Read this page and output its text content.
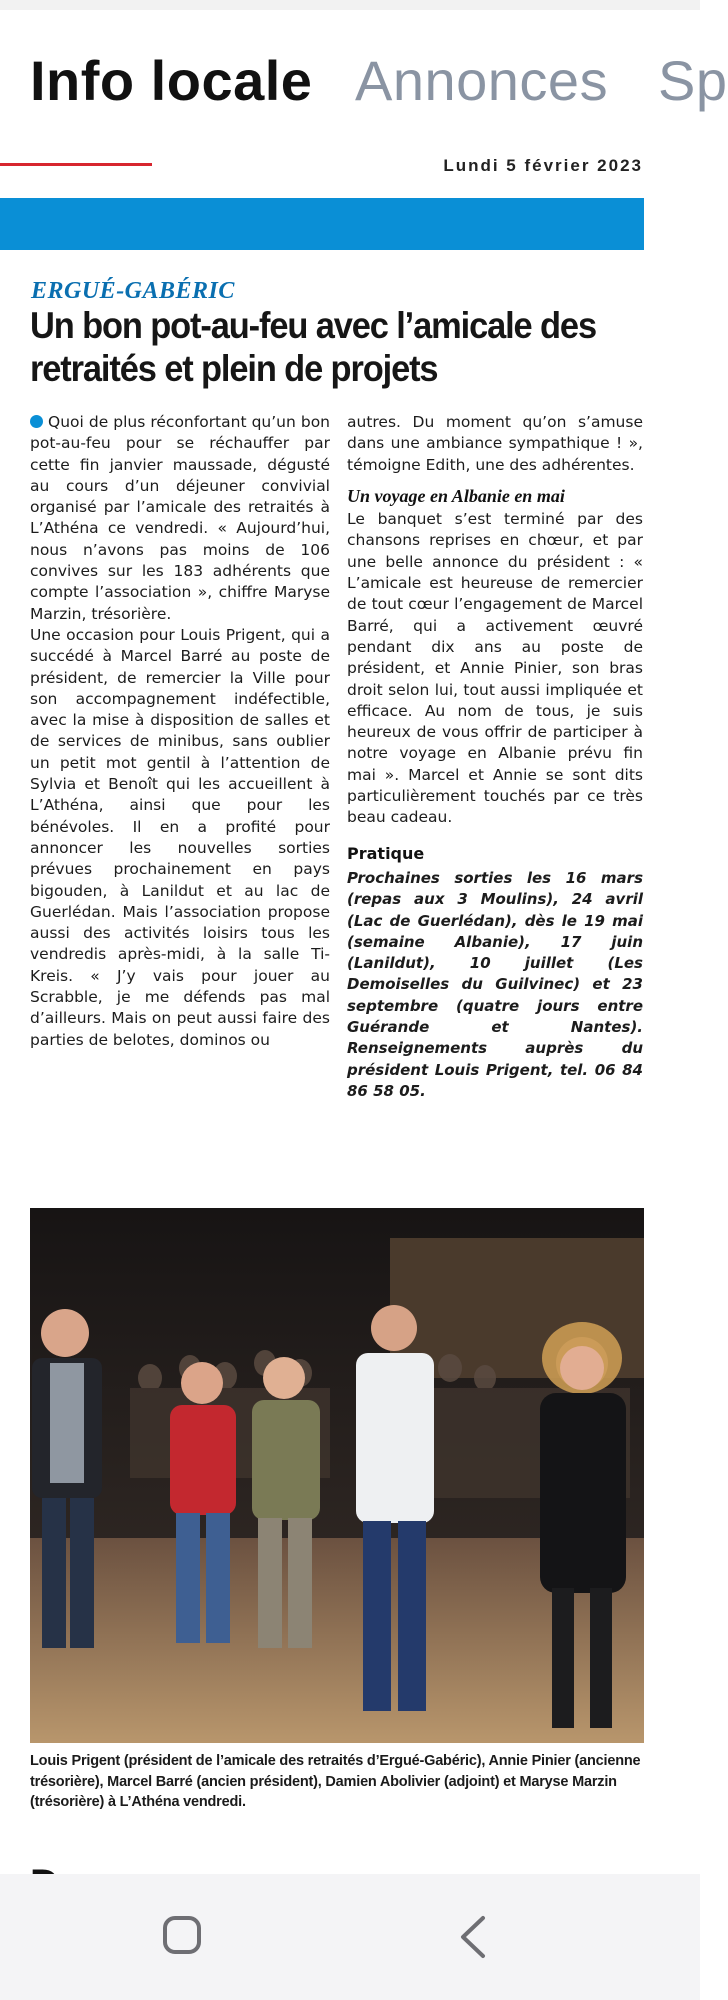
Info locale Annonces Sp
Lundi 5 février 2023
ERGUÉ-GABÉRIC
Un bon pot-au-feu avec l’amicale des retraités et plein de projets

Quoi de plus réconfortant qu’un bon pot-au-feu pour se réchauffer par cette fin janvier maussade, dégusté au cours d’un déjeuner convivial organisé par l’amicale des retraités à L’Athéna ce vendredi. « Aujourd’hui, nous n’avons pas moins de 106 convives sur les 183 adhérents que compte l’association », chiffre Maryse Marzin, trésorière.

Une occasion pour Louis Prigent, qui a succédé à Marcel Barré au poste de président, de remercier la Ville pour son accompagnement indéfectible, avec la mise à disposition de salles et de services de minibus, sans oublier un petit mot gentil à l’attention de Sylvia et Benoît qui les accueillent à L’Athéna, ainsi que pour les bénévoles. Il en a profité pour annoncer les nouvelles sorties prévues prochainement en pays bigouden, à Lanildut et au lac de Guerlédan. Mais l’association propose aussi des activités loisirs tous les vendredis après-midi, à la salle Ti-Kreis. « J’y vais pour jouer au Scrabble, je me défends pas mal d’ailleurs. Mais on peut aussi faire des parties de belotes, dominos ou

autres. Du moment qu’on s’amuse dans une ambiance sympathique ! », témoigne Edith, une des adhérentes.

Un voyage en Albanie en mai

Le banquet s’est terminé par des chansons reprises en chœur, et par une belle annonce du président : « L’amicale est heureuse de remercier de tout cœur l’engagement de Marcel Barré, qui a activement œuvré pendant dix ans au poste de président, et Annie Pinier, son bras droit selon lui, tout aussi impliquée et efficace. Au nom de tous, je suis heureux de vous offrir de participer à notre voyage en Albanie prévu fin mai ». Marcel et Annie se sont dits particulièrement touchés par ce très beau cadeau.

Pratique

Prochaines sorties les 16 mars (repas aux 3 Moulins), 24 avril (Lac de Guerlédan), dès le 19 mai (semaine Albanie), 17 juin (Lanildut), 10 juillet (Les Demoiselles du Guilvinec) et 23 septembre (quatre jours entre Guérande et Nantes). Renseignements auprès du président Louis Prigent, tel. 06 84 86 58 05.

Louis Prigent (président de l’amicale des retraités d’Ergué-Gabéric), Annie Pinier (ancienne trésorière), Marcel Barré (ancien président), Damien Abolivier (adjoint) et Maryse Marzin (trésorière) à L’Athéna vendredi.
